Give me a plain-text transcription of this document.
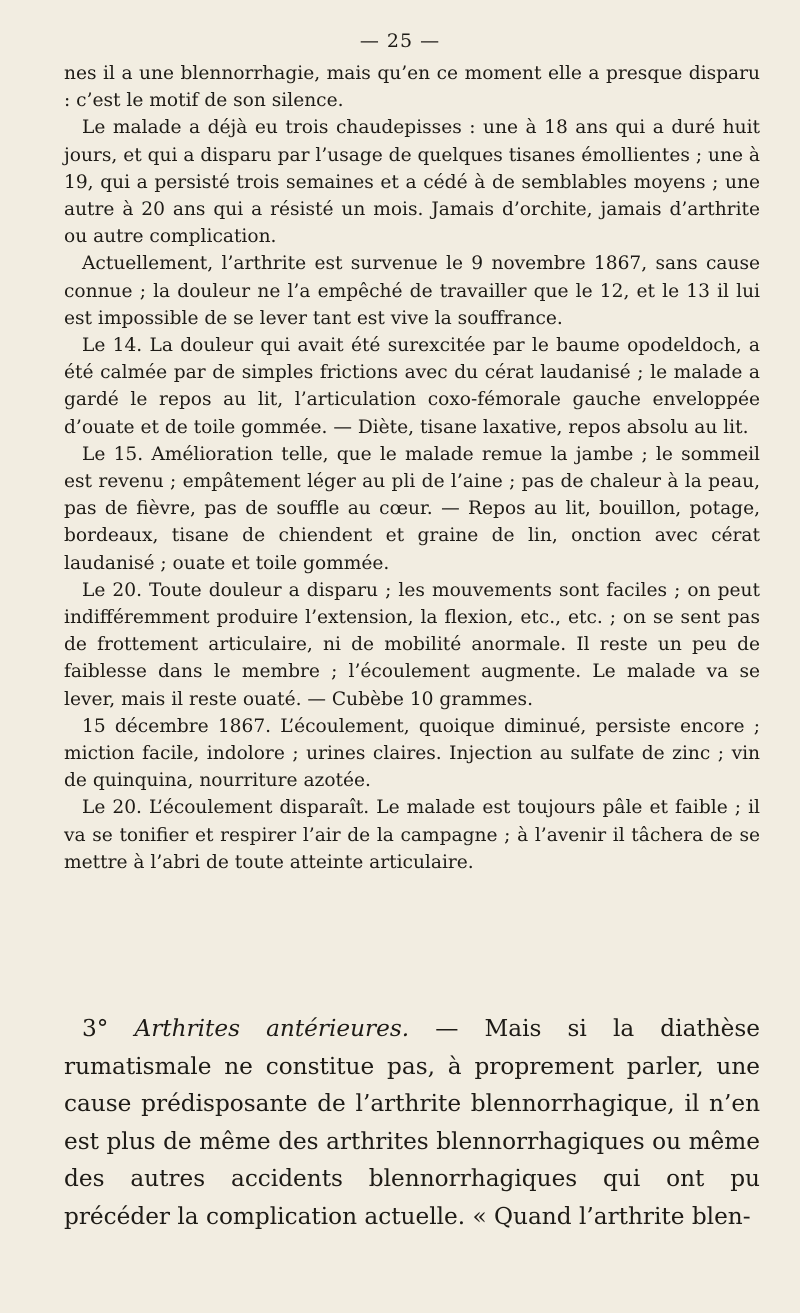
— 25 —

nes il a une blennorrhagie, mais qu’en ce moment elle a presque disparu : c’est le motif de son silence.

Le malade a déjà eu trois chaudepisses : une à 18 ans qui a duré huit jours, et qui a disparu par l’usage de quelques tisanes émollientes ; une à 19, qui a persisté trois semaines et a cédé à de semblables moyens ; une autre à 20 ans qui a résisté un mois. Jamais d’orchite, jamais d’arthrite ou autre complication.

Actuellement, l’arthrite est survenue le 9 novembre 1867, sans cause connue ; la douleur ne l’a empêché de travailler que le 12, et le 13 il lui est impossible de se lever tant est vive la souffrance.

Le 14. La douleur qui avait été surexcitée par le baume opodeldoch, a été calmée par de simples frictions avec du cérat laudanisé ; le malade a gardé le repos au lit, l’articulation coxo-fémorale gauche enveloppée d’ouate et de toile gommée. — Diète, tisane laxative, repos absolu au lit.

Le 15. Amélioration telle, que le malade remue la jambe ; le sommeil est revenu ; empâtement léger au pli de l’aine ; pas de chaleur à la peau, pas de fièvre, pas de souffle au cœur. — Repos au lit, bouillon, potage, bordeaux, tisane de chiendent et graine de lin, onction avec cérat laudanisé ; ouate et toile gommée.

Le 20. Toute douleur a disparu ; les mouvements sont faciles ; on peut indifféremment produire l’extension, la flexion, etc., etc. ; on se sent pas de frottement articulaire, ni de mobilité anormale. Il reste un peu de faiblesse dans le membre ; l’écoulement augmente. Le malade va se lever, mais il reste ouaté. — Cubèbe 10 grammes.

15 décembre 1867. L’écoulement, quoique diminué, persiste encore ; miction facile, indolore ; urines claires. Injection au sulfate de zinc ; vin de quinquina, nourriture azotée.

Le 20. L’écoulement disparaît. Le malade est toujours pâle et faible ; il va se tonifier et respirer l’air de la campagne ; à l’avenir il tâchera de se mettre à l’abri de toute atteinte articulaire.

3° Arthrites antérieures. — Mais si la diathèse rumatismale ne constitue pas, à proprement parler, une cause prédisposante de l’arthrite blennorrhagique, il n’en est plus de même des arthrites blennorrhagiques ou même des autres accidents blennorrhagiques qui ont pu précéder la complication actuelle. « Quand l’arthrite blen-
